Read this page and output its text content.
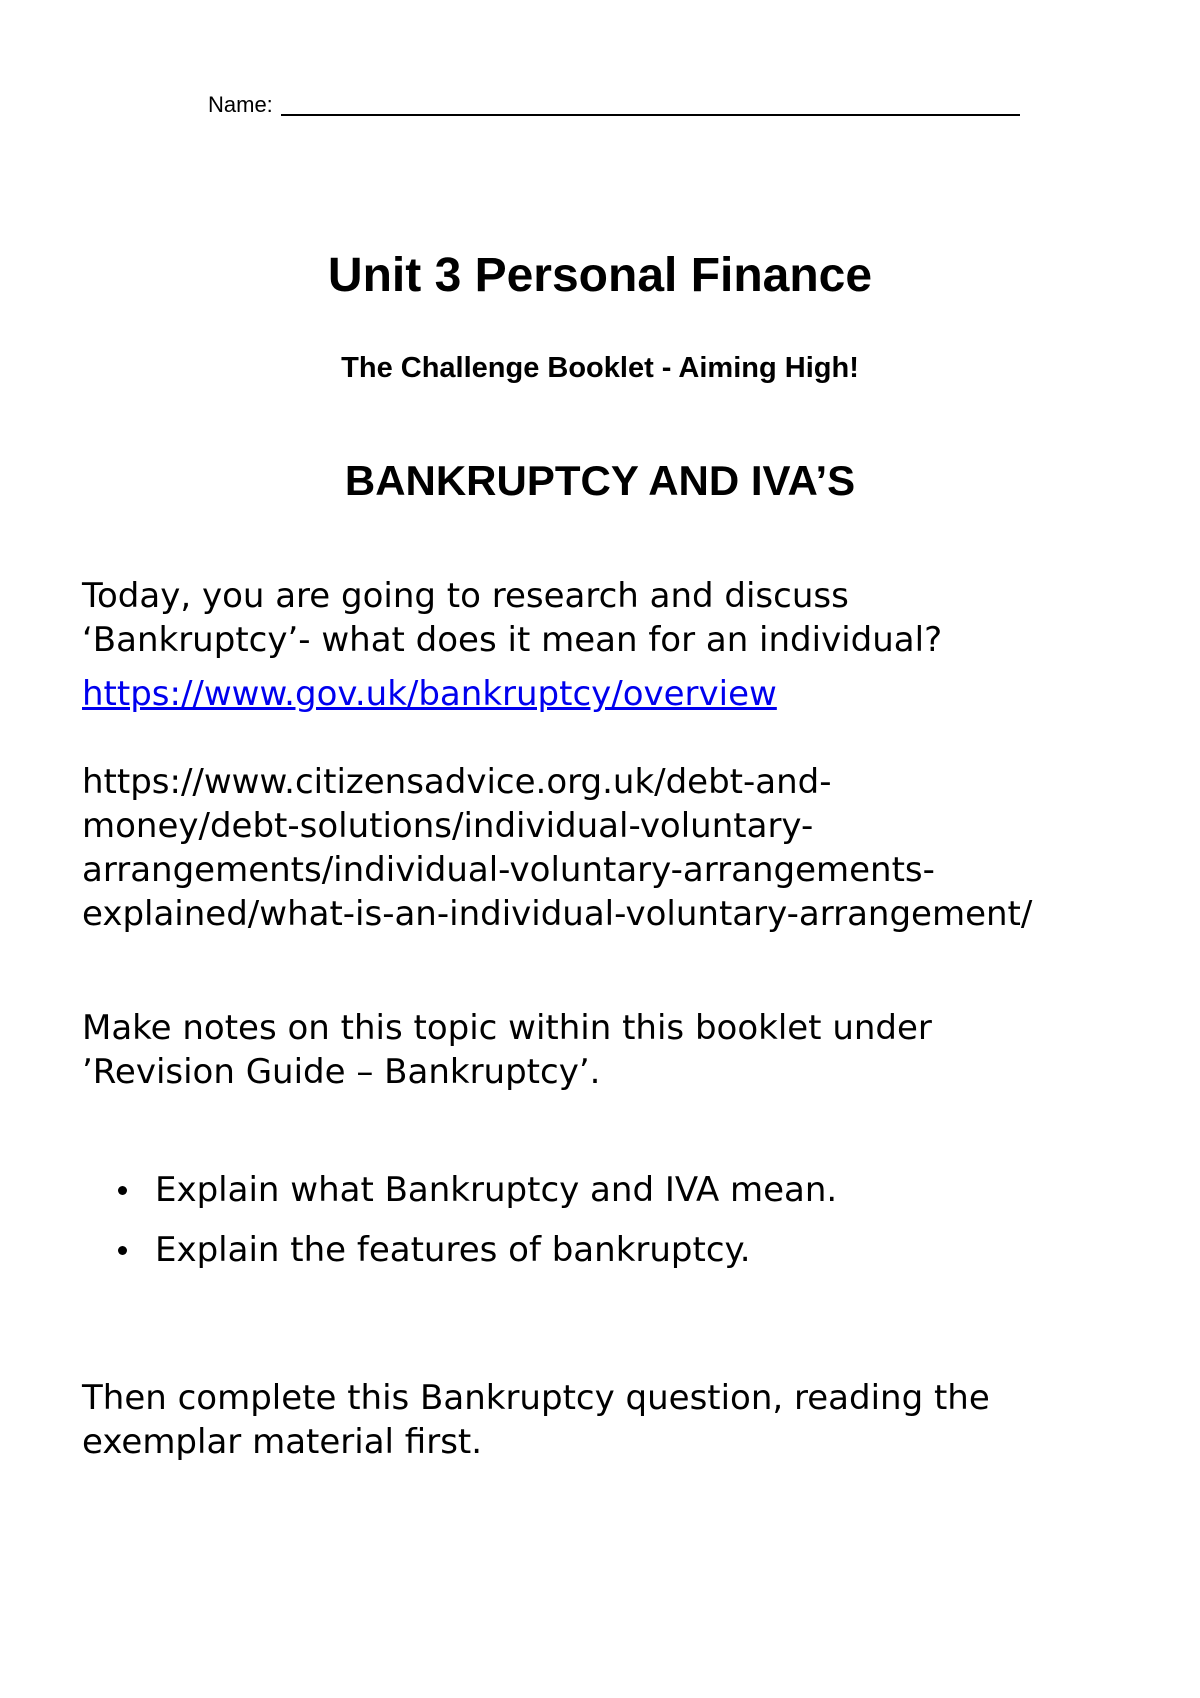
Name:
Unit 3 Personal Finance
The Challenge Booklet - Aiming High!
BANKRUPTCY AND IVA’S

Today, you are going to research and discuss
‘Bankruptcy’- what does it mean for an individual?

https://www.gov.uk/bankruptcy/overview

https://www.citizensadvice.org.uk/debt-and-
money/debt-solutions/individual-voluntary-
arrangements/individual-voluntary-arrangements-
explained/what-is-an-individual-voluntary-arrangement/

Make notes on this topic within this booklet under
’Revision Guide – Bankruptcy’.

Explain what Bankruptcy and IVA mean.
Explain the features of bankruptcy.

Then complete this Bankruptcy question, reading the
exemplar material first.
